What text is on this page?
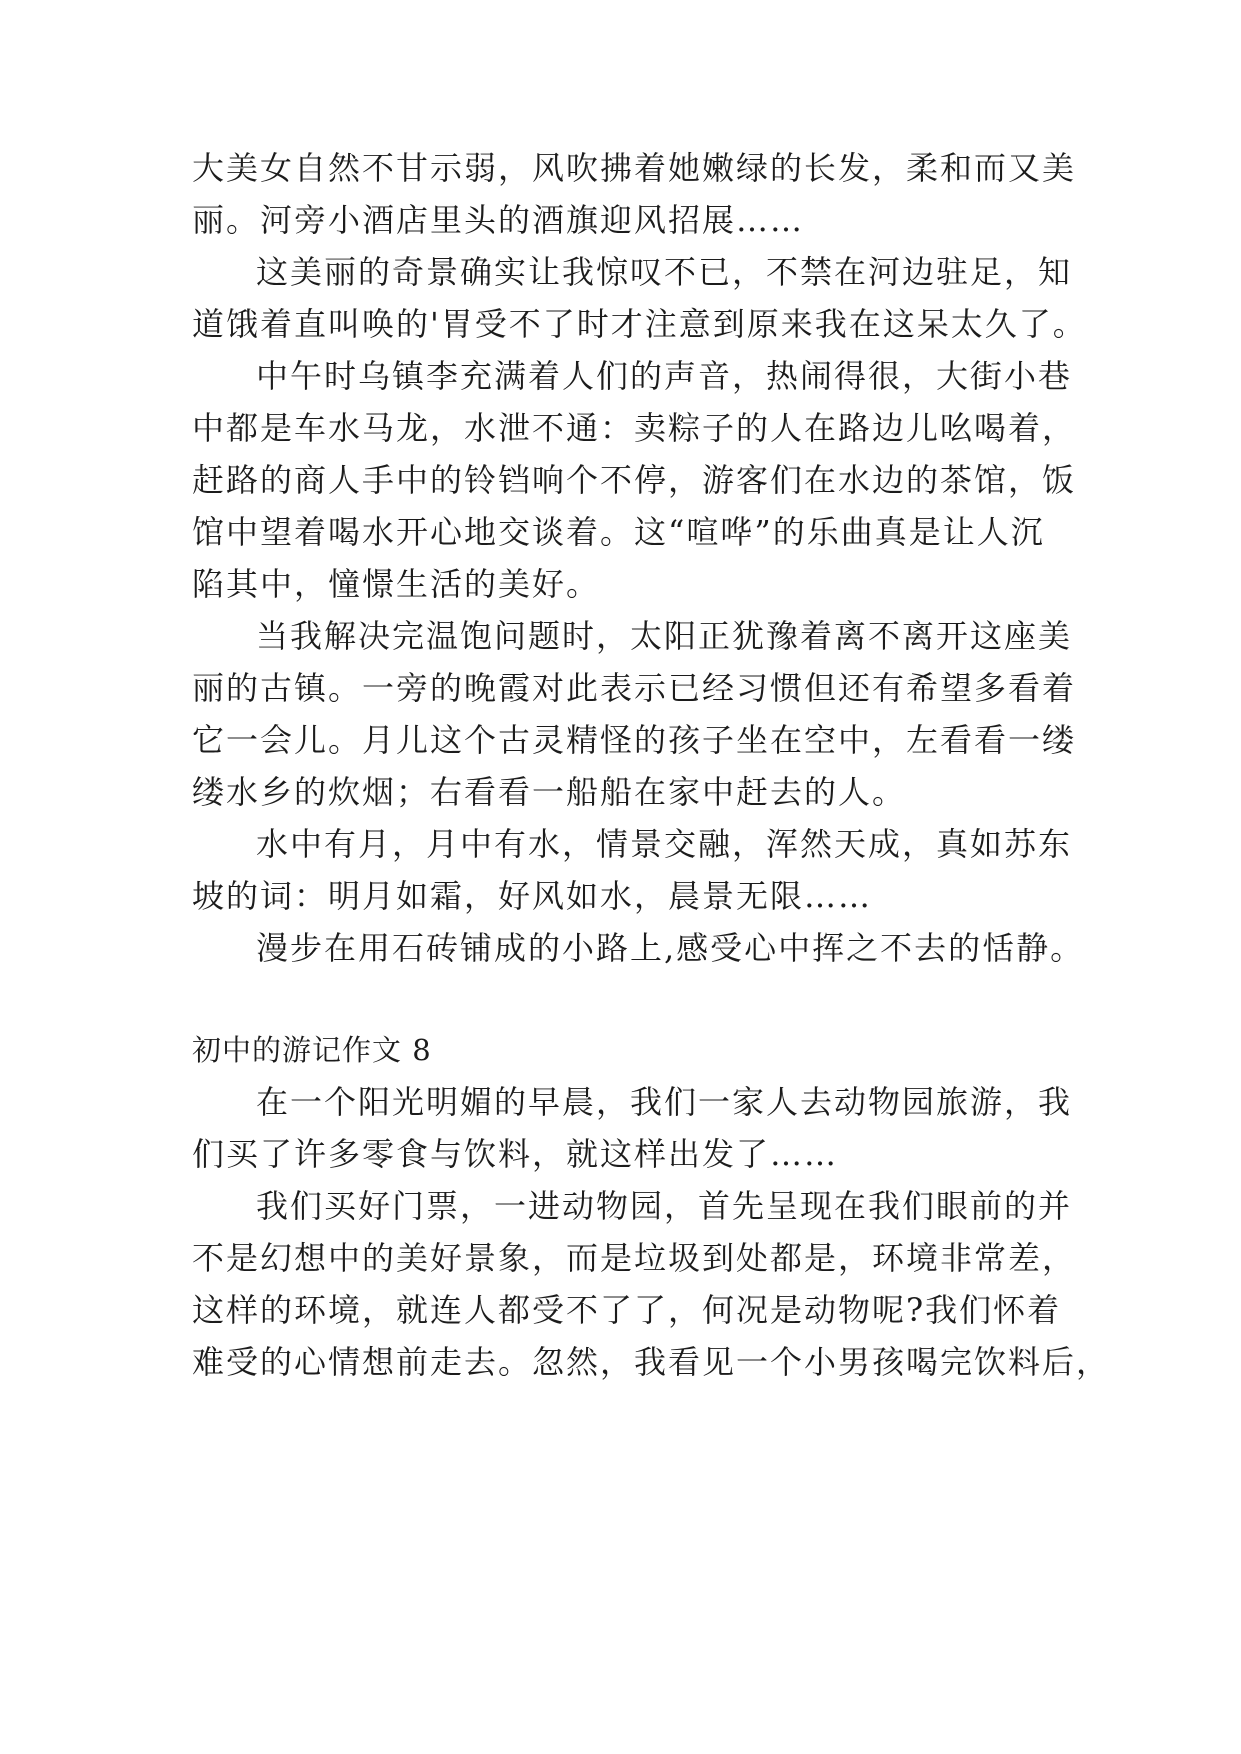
大美女自然不甘示弱，风吹拂着她嫩绿的长发，柔和而又美
丽。河旁小酒店里头的酒旗迎风招展……
这美丽的奇景确实让我惊叹不已，不禁在河边驻足，知
道饿着直叫唤的'胃受不了时才注意到原来我在这呆太久了。
中午时乌镇李充满着人们的声音，热闹得很，大街小巷
中都是车水马龙，水泄不通：卖粽子的人在路边儿吆喝着，
赶路的商人手中的铃铛响个不停，游客们在水边的茶馆，饭
馆中望着喝水开心地交谈着。这“喧哗”的乐曲真是让人沉
陷其中，憧憬生活的美好。
当我解决完温饱问题时，太阳正犹豫着离不离开这座美
丽的古镇。一旁的晚霞对此表示已经习惯但还有希望多看着
它一会儿。月儿这个古灵精怪的孩子坐在空中，左看看一缕
缕水乡的炊烟；右看看一船船在家中赶去的人。
水中有月，月中有水，情景交融，浑然天成，真如苏东
坡的词：明月如霜，好风如水，晨景无限……
漫步在用石砖铺成的小路上,感受心中挥之不去的恬静。
初中的游记作文 8
在一个阳光明媚的早晨，我们一家人去动物园旅游，我
们买了许多零食与饮料，就这样出发了……
我们买好门票，一进动物园，首先呈现在我们眼前的并
不是幻想中的美好景象，而是垃圾到处都是，环境非常差，
这样的环境，就连人都受不了了，何况是动物呢?我们怀着
难受的心情想前走去。忽然，我看见一个小男孩喝完饮料后，
